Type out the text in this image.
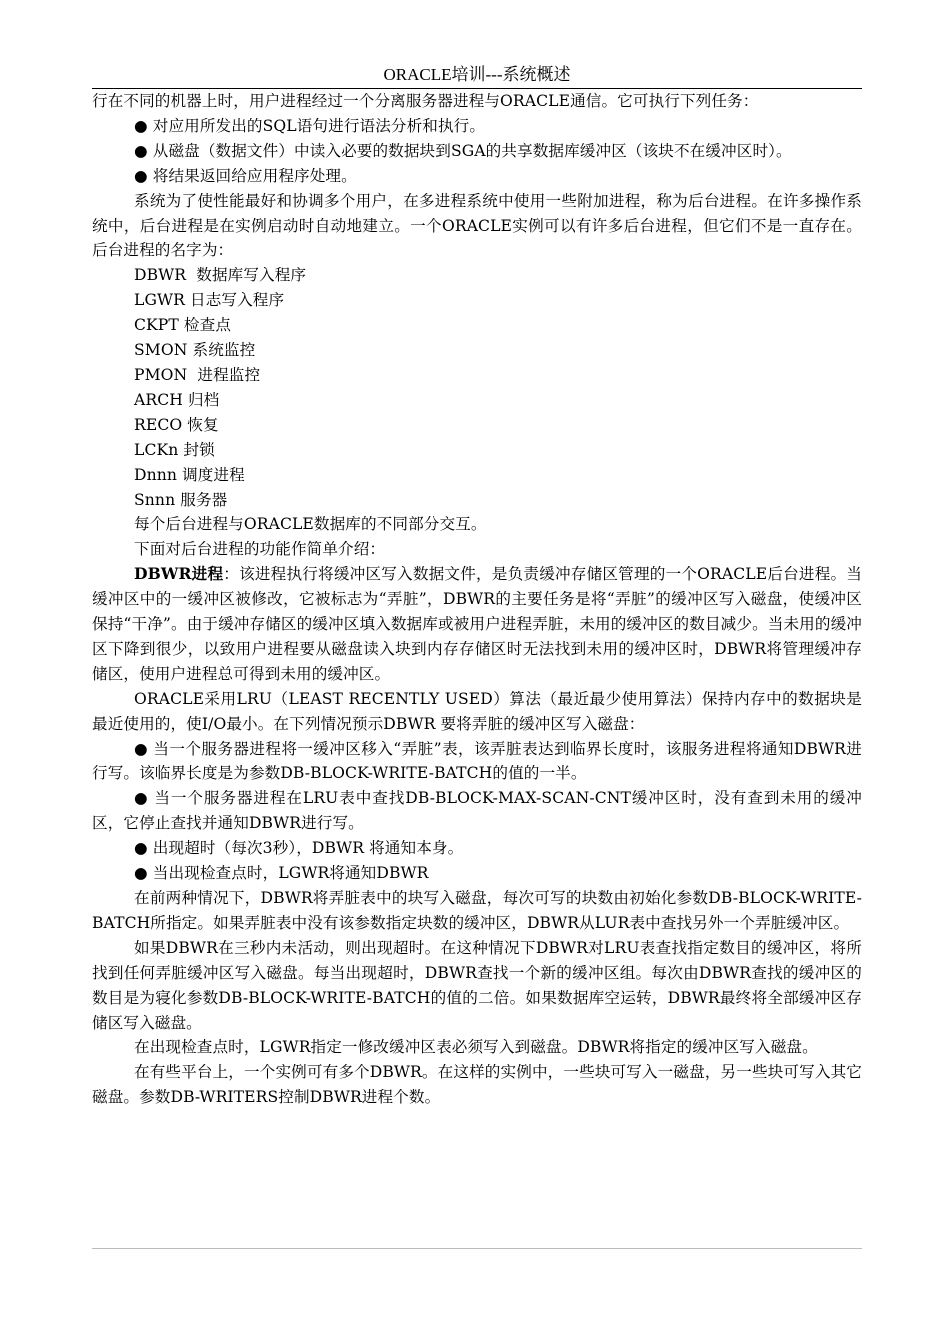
ORACLE培训---系统概述

行在不同的机器上时，用户进程经过一个分离服务器进程与ORACLE通信。它可执行下列任务：

● 对应用所发出的SQL语句进行语法分析和执行。

● 从磁盘（数据文件）中读入必要的数据块到SGA的共享数据库缓冲区（该块不在缓冲区时）。

● 将结果返回给应用程序处理。

系统为了使性能最好和协调多个用户，在多进程系统中使用一些附加进程，称为后台进程。在许多操作系统中，后台进程是在实例启动时自动地建立。一个ORACLE实例可以有许多后台进程，但它们不是一直存在。后台进程的名字为：

DBWR  数据库写入程序

LGWR 日志写入程序

CKPT 检查点

SMON 系统监控

PMON  进程监控

ARCH 归档

RECO 恢复

LCKn 封锁

Dnnn 调度进程

Snnn 服务器

每个后台进程与ORACLE数据库的不同部分交互。

下面对后台进程的功能作简单介绍：

DBWR进程：该进程执行将缓冲区写入数据文件，是负责缓冲存储区管理的一个ORACLE后台进程。当缓冲区中的一缓冲区被修改，它被标志为“弄脏”，DBWR的主要任务是将“弄脏”的缓冲区写入磁盘，使缓冲区保持“干净”。由于缓冲存储区的缓冲区填入数据库或被用户进程弄脏，未用的缓冲区的数目减少。当未用的缓冲区下降到很少，以致用户进程要从磁盘读入块到内存存储区时无法找到未用的缓冲区时，DBWR将管理缓冲存储区，使用户进程总可得到未用的缓冲区。

ORACLE采用LRU（LEAST RECENTLY USED）算法（最近最少使用算法）保持内存中的数据块是最近使用的，使I/O最小。在下列情况预示DBWR 要将弄脏的缓冲区写入磁盘：

● 当一个服务器进程将一缓冲区移入“弄脏”表，该弄脏表达到临界长度时，该服务进程将通知DBWR进行写。该临界长度是为参数DB-BLOCK-WRITE-BATCH的值的一半。

● 当一个服务器进程在LRU表中查找DB-BLOCK-MAX-SCAN-CNT缓冲区时，没有查到未用的缓冲区，它停止查找并通知DBWR进行写。

● 出现超时（每次3秒），DBWR 将通知本身。

● 当出现检查点时，LGWR将通知DBWR

在前两种情况下，DBWR将弄脏表中的块写入磁盘，每次可写的块数由初始化参数DB-BLOCK-WRITE-BATCH所指定。如果弄脏表中没有该参数指定块数的缓冲区，DBWR从LUR表中查找另外一个弄脏缓冲区。

如果DBWR在三秒内未活动，则出现超时。在这种情况下DBWR对LRU表查找指定数目的缓冲区，将所找到任何弄脏缓冲区写入磁盘。每当出现超时，DBWR查找一个新的缓冲区组。每次由DBWR查找的缓冲区的数目是为寝化参数DB-BLOCK-WRITE-BATCH的值的二倍。如果数据库空运转，DBWR最终将全部缓冲区存储区写入磁盘。

在出现检查点时，LGWR指定一修改缓冲区表必须写入到磁盘。DBWR将指定的缓冲区写入磁盘。

在有些平台上，一个实例可有多个DBWR。在这样的实例中，一些块可写入一磁盘，另一些块可写入其它磁盘。参数DB-WRITERS控制DBWR进程个数。
